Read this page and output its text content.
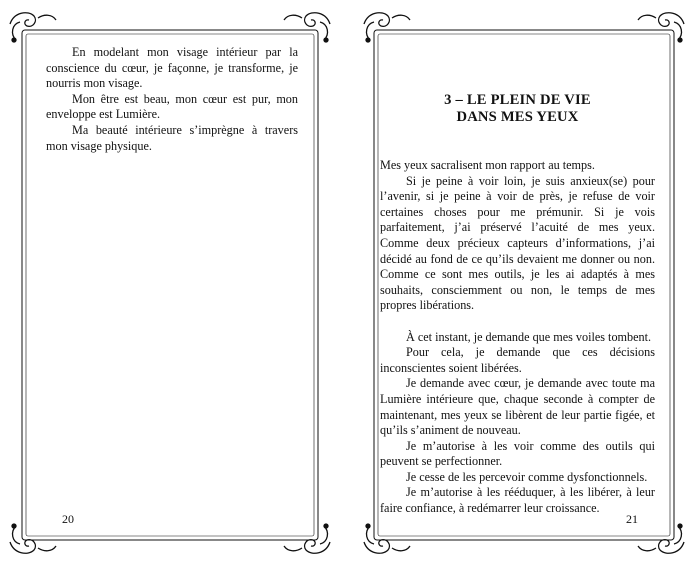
En modelant mon visage intérieur par la conscience du cœur, je façonne, je transforme, je nourris mon visage.

Mon être est beau, mon cœur est pur, mon enveloppe est Lumière.

Ma beauté intérieure s’imprègne à travers mon visage physique.

20
3 – LE PLEIN DE VIE
DANS MES YEUX

Mes yeux sacralisent mon rapport au temps.

Si je peine à voir loin, je suis anxieux(se) pour l’avenir, si je peine à voir de près, je refuse de voir certaines choses pour me prémunir. Si je vois parfaitement, j’ai préservé l’acuité de mes yeux. Comme deux précieux capteurs d’informations, j’ai décidé au fond de ce qu’ils devaient me donner ou non. Comme ce sont mes outils, je les ai adaptés à mes souhaits, consciemment ou non, le temps de mes propres libérations.

À cet instant, je demande que mes voiles tombent.

Pour cela, je demande que ces décisions inconscientes soient libérées.

Je demande avec cœur, je demande avec toute ma Lumière intérieure que, chaque seconde à compter de maintenant, mes yeux se libèrent de leur partie figée, et qu’ils s’animent de nouveau.

Je m’autorise à les voir comme des outils qui peuvent se perfectionner.

Je cesse de les percevoir comme dysfonctionnels.

Je m’autorise à les rééduquer, à les libérer, à leur faire confiance, à redémarrer leur croissance.

21
